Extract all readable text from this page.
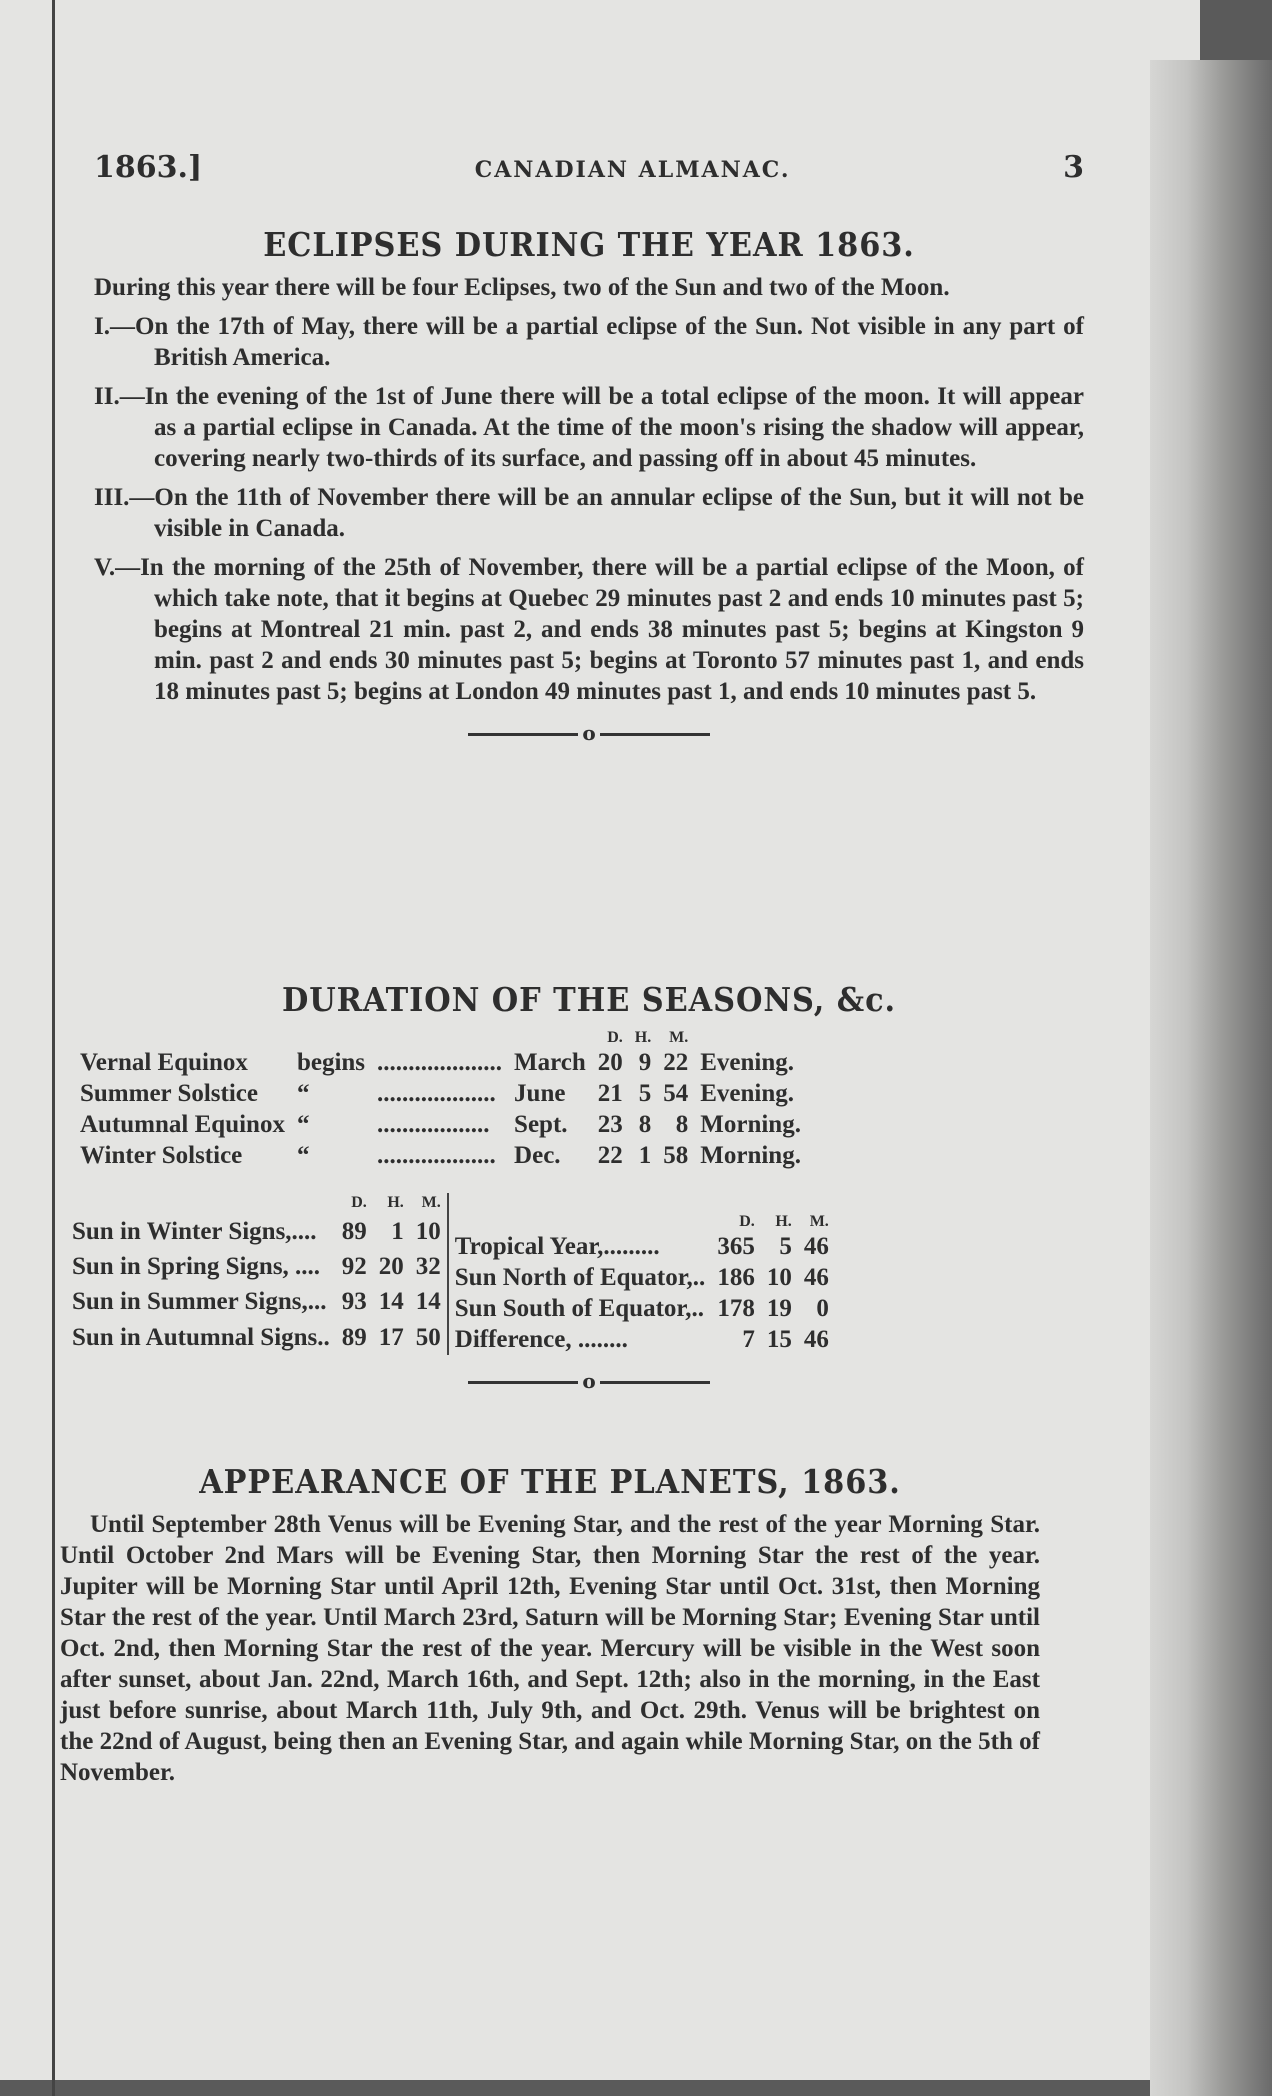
1863.]	CANADIAN ALMANAC.	3
ECLIPSES DURING THE YEAR 1863.

During this year there will be four Eclipses, two of the Sun and two of the Moon.

I.—On the 17th of May, there will be a partial eclipse of the Sun. Not visible in any part of British America.

II.—In the evening of the 1st of June there will be a total eclipse of the moon. It will appear as a partial eclipse in Canada. At the time of the moon's rising the shadow will appear, covering nearly two-thirds of its surface, and passing off in about 45 minutes.

III.—On the 11th of November there will be an annular eclipse of the Sun, but it will not be visible in Canada.

V.—In the morning of the 25th of November, there will be a partial eclipse of the Moon, of which take note, that it begins at Quebec 29 minutes past 2 and ends 10 minutes past 5; begins at Montreal 21 min. past 2, and ends 38 minutes past 5; begins at Kingston 9 min. past 2 and ends 30 minutes past 5; begins at Toronto 57 minutes past 1, and ends 18 minutes past 5; begins at London 49 minutes past 1, and ends 10 minutes past 5.

o
DURATION OF THE SEASONS, &c.
				D.	H.	M.	
Vernal Equinox	begins	....................	March	20	9	22	Evening.
Summer Solstice	“	...................	June	21	5	54	Evening.
Autumnal Equinox	“	..................	Sept.	23	8	8	Morning.
Winter Solstice	“	...................	Dec.	22	1	58	Morning.
	D.	H.	M.
Sun in Winter Signs,....	89	1	10
Sun in Spring Signs, ....	92	20	32
Sun in Summer Signs,...	93	14	14
Sun in Autumnal Signs..	89	17	50
	D.	H.	M.
Tropical Year,.........	365	5	46
Sun North of Equator,..	186	10	46
Sun South of Equator,..	178	19	0
Difference, ........	7	15	46
o
APPEARANCE OF THE PLANETS, 1863.

Until September 28th Venus will be Evening Star, and the rest of the year Morning Star. Until October 2nd Mars will be Evening Star, then Morning Star the rest of the year. Jupiter will be Morning Star until April 12th, Evening Star until Oct. 31st, then Morning Star the rest of the year. Until March 23rd, Saturn will be Morning Star; Evening Star until Oct. 2nd, then Morning Star the rest of the year. Mercury will be visible in the West soon after sunset, about Jan. 22nd, March 16th, and Sept. 12th; also in the morning, in the East just before sunrise, about March 11th, July 9th, and Oct. 29th. Venus will be brightest on the 22nd of August, being then an Evening Star, and again while Morning Star, on the 5th of November.
